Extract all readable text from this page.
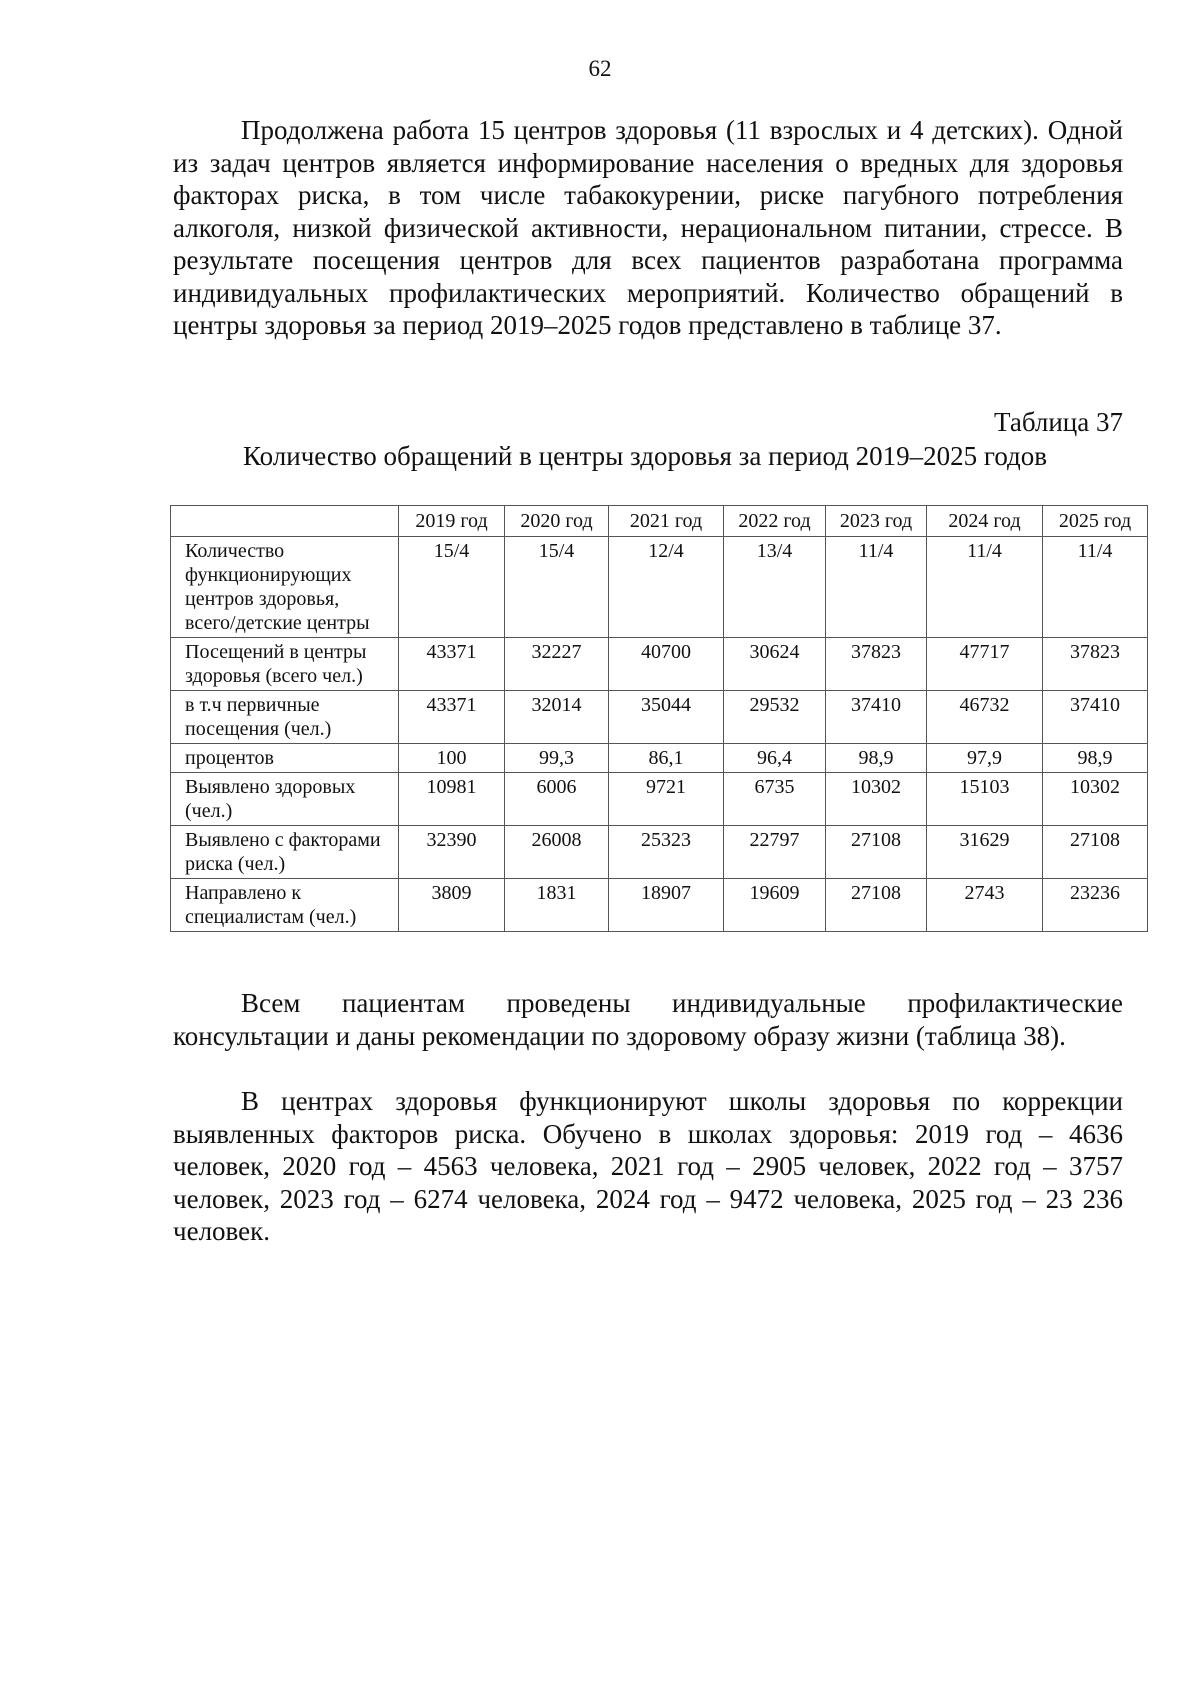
62

Продолжена работа 15 центров здоровья (11 взрослых и 4 детских). Одной из задач центров является информирование населения о вредных для здоровья факторах риска, в том числе табакокурении, риске пагубного потребления алкоголя, низкой физической активности, нерациональном питании, стрессе. В результате посещения центров для всех пациентов разработана программа индивидуальных профилактических мероприятий. Количество обращений в центры здоровья за период 2019–2025 годов представлено в таблице 37.

Таблица 37
Количество обращений в центры здоровья за период 2019–2025 годов
	2019 год	2020 год	2021 год	2022 год	2023 год	2024 год	2025 год
Количество функционирующих центров здоровья, всего/детские центры	15/4	15/4	12/4	13/4	11/4	11/4	11/4
Посещений в центры здоровья (всего чел.)	43371	32227	40700	30624	37823	47717	37823
в т.ч первичные посещения (чел.)	43371	32014	35044	29532	37410	46732	37410
процентов	100	99,3	86,1	96,4	98,9	97,9	98,9
Выявлено здоровых (чел.)	10981	6006	9721	6735	10302	15103	10302
Выявлено с факторами риска (чел.)	32390	26008	25323	22797	27108	31629	27108
Направлено к специалистам (чел.)	3809	1831	18907	19609	27108	2743	23236

Всем пациентам проведены индивидуальные профилактические консультации и даны рекомендации по здоровому образу жизни (таблица 38).

В центрах здоровья функционируют школы здоровья по коррекции выявленных факторов риска. Обучено в школах здоровья: 2019 год – 4636 человек, 2020 год – 4563 человека, 2021 год – 2905 человек, 2022 год – 3757 человек, 2023 год – 6274 человека, 2024 год – 9472 человека, 2025 год – 23 236 человек.
